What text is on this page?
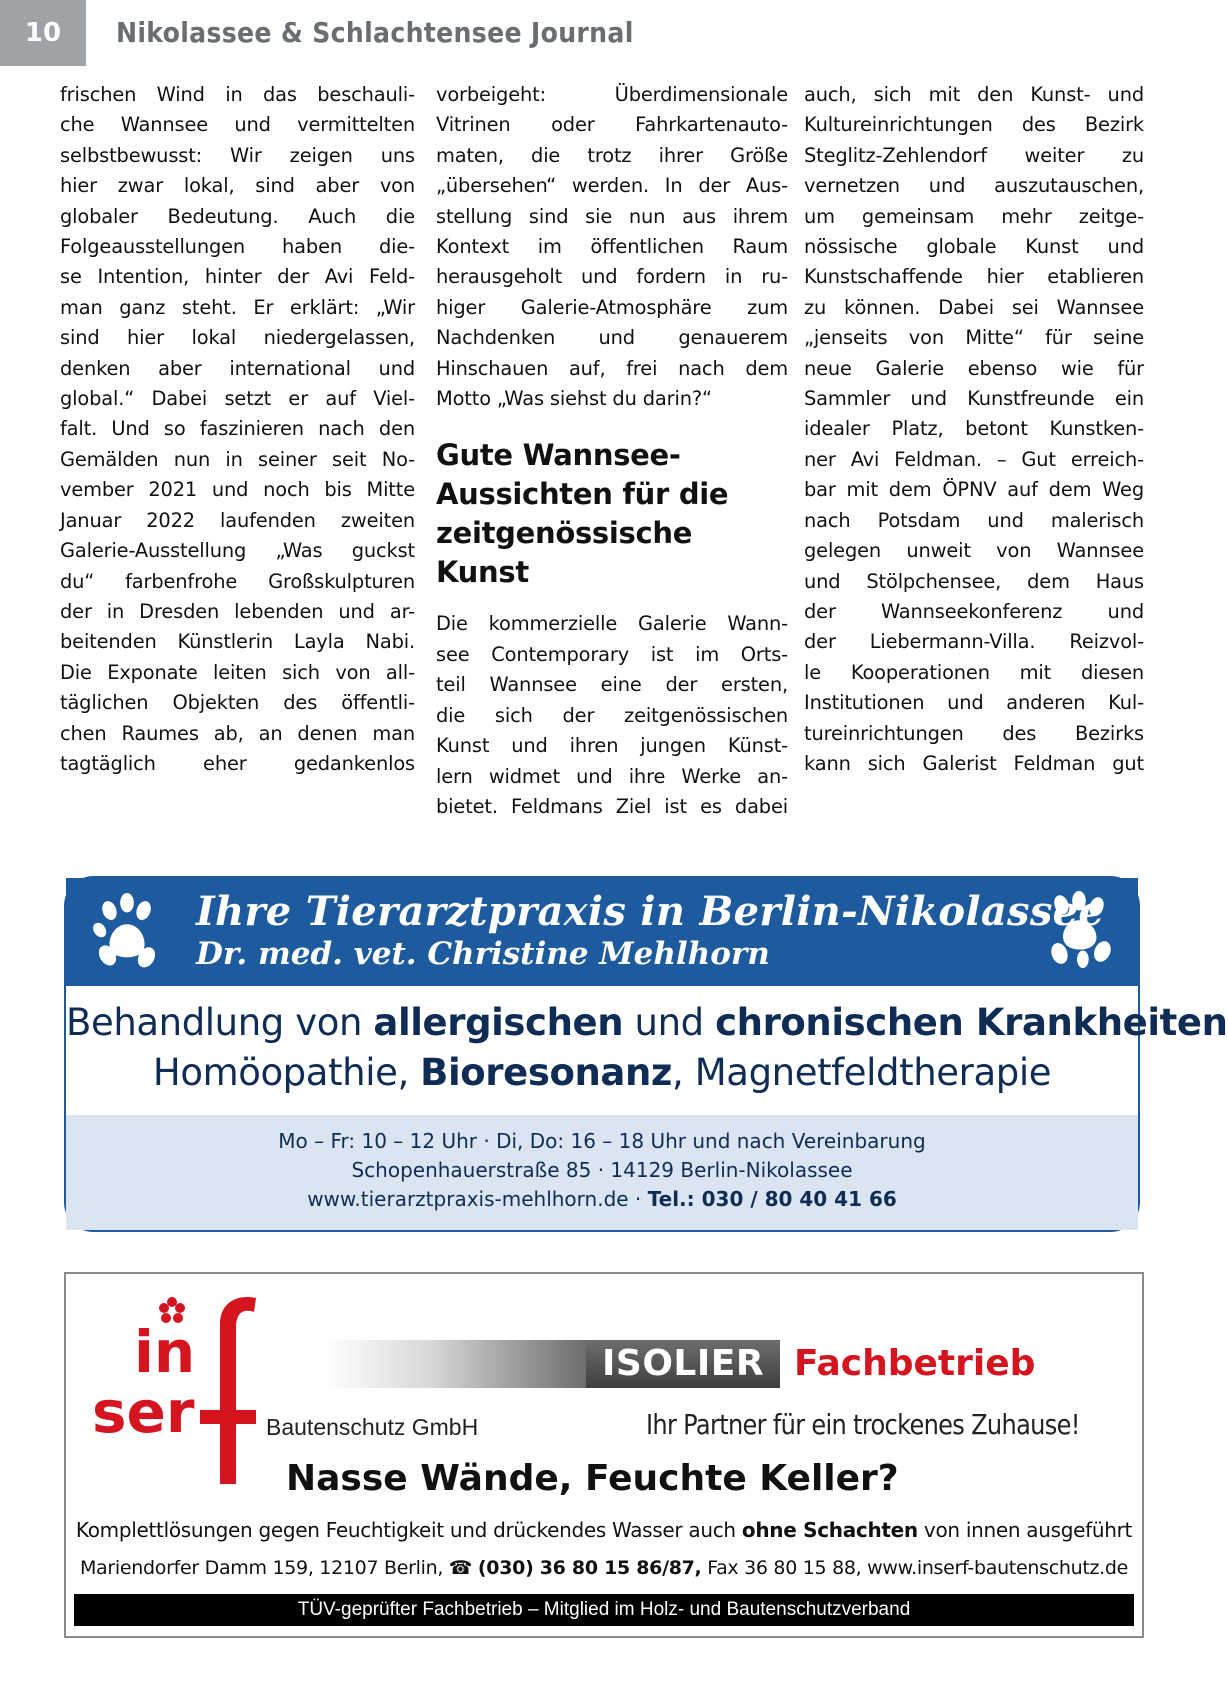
10	Nikolassee & Schlachtensee Journal
frischen Wind in das beschauli-
che Wannsee und vermittelten
selbstbewusst: Wir zeigen uns
hier zwar lokal, sind aber von
globaler Bedeutung. Auch die
Folgeausstellungen haben die-
se Intention, hinter der Avi Feld-
man ganz steht. Er erklärt: „Wir
sind hier lokal niedergelassen,
denken aber international und
global.“ Dabei setzt er auf Viel-
falt. Und so faszinieren nach den
Gemälden nun in seiner seit No-
vember 2021 und noch bis Mitte
Januar 2022 laufenden zweiten
Galerie-Ausstellung „Was guckst
du“ farbenfrohe Großskulpturen
der in Dresden lebenden und ar-
beitenden Künstlerin Layla Nabi.
Die Exponate leiten sich von all-
täglichen Objekten des öffentli-
chen Raumes ab, an denen man
tagtäglich eher gedankenlos
vorbeigeht: Überdimensionale
Vitrinen oder Fahrkartenauto-
maten, die trotz ihrer Größe
„übersehen“ werden. In der Aus-
stellung sind sie nun aus ihrem
Kontext im öffentlichen Raum
herausgeholt und fordern in ru-
higer Galerie-Atmosphäre zum
Nachdenken und genauerem
Hinschauen auf, frei nach dem
Motto „Was siehst du darin?“
Gute Wannsee-
Aussichten für die
zeitgenössische Kunst
Die kommerzielle Galerie Wann-
see Contemporary ist im Orts-
teil Wannsee eine der ersten,
die sich der zeitgenössischen
Kunst und ihren jungen Künst-
lern widmet und ihre Werke an-
bietet. Feldmans Ziel ist es dabei
auch, sich mit den Kunst- und
Kultureinrichtungen des Bezirk
Steglitz-Zehlendorf weiter zu
vernetzen und auszutauschen,
um gemeinsam mehr zeitge-
nössische globale Kunst und
Kunstschaffende hier etablieren
zu können. Dabei sei Wannsee
„jenseits von Mitte“ für seine
neue Galerie ebenso wie für
Sammler und Kunstfreunde ein
idealer Platz, betont Kunstken-
ner Avi Feldman. – Gut erreich-
bar mit dem ÖPNV auf dem Weg
nach Potsdam und malerisch
gelegen unweit von Wannsee
und Stölpchensee, dem Haus
der Wannseekonferenz und
der Liebermann-Villa. Reizvol-
le Kooperationen mit diesen
Institutionen und anderen Kul-
tureinrichtungen des Bezirks
kann sich Galerist Feldman gut
Ihre Tierarztpraxis in Berlin-Nikolassee
Dr. med. vet. Christine Mehlhorn
Behandlung von allergischen und chronischen Krankheiten
Homöopathie, Bioresonanz, Magnetfeldtherapie
Mo – Fr: 10 – 12 Uhr · Di, Do: 16 – 18 Uhr und nach Vereinbarung
Schopenhauerstraße 85 · 14129 Berlin-Nikolassee
www.tierarztpraxis-mehlhorn.de · Tel.: 030 / 80 40 41 66
in
ser
ISOLIER Fachbetrieb
Bautenschutz GmbH	Ihr Partner für ein trockenes Zuhause!
Nasse Wände, Feuchte Keller?
Komplettlösungen gegen Feuchtigkeit und drückendes Wasser auch ohne Schachten von innen ausgeführt
Mariendorfer Damm 159, 12107 Berlin, ☎ (030) 36 80 15 86/87, Fax 36 80 15 88, www.inserf-bautenschutz.de
TÜV-geprüfter Fachbetrieb – Mitglied im Holz- und Bautenschutzverband
